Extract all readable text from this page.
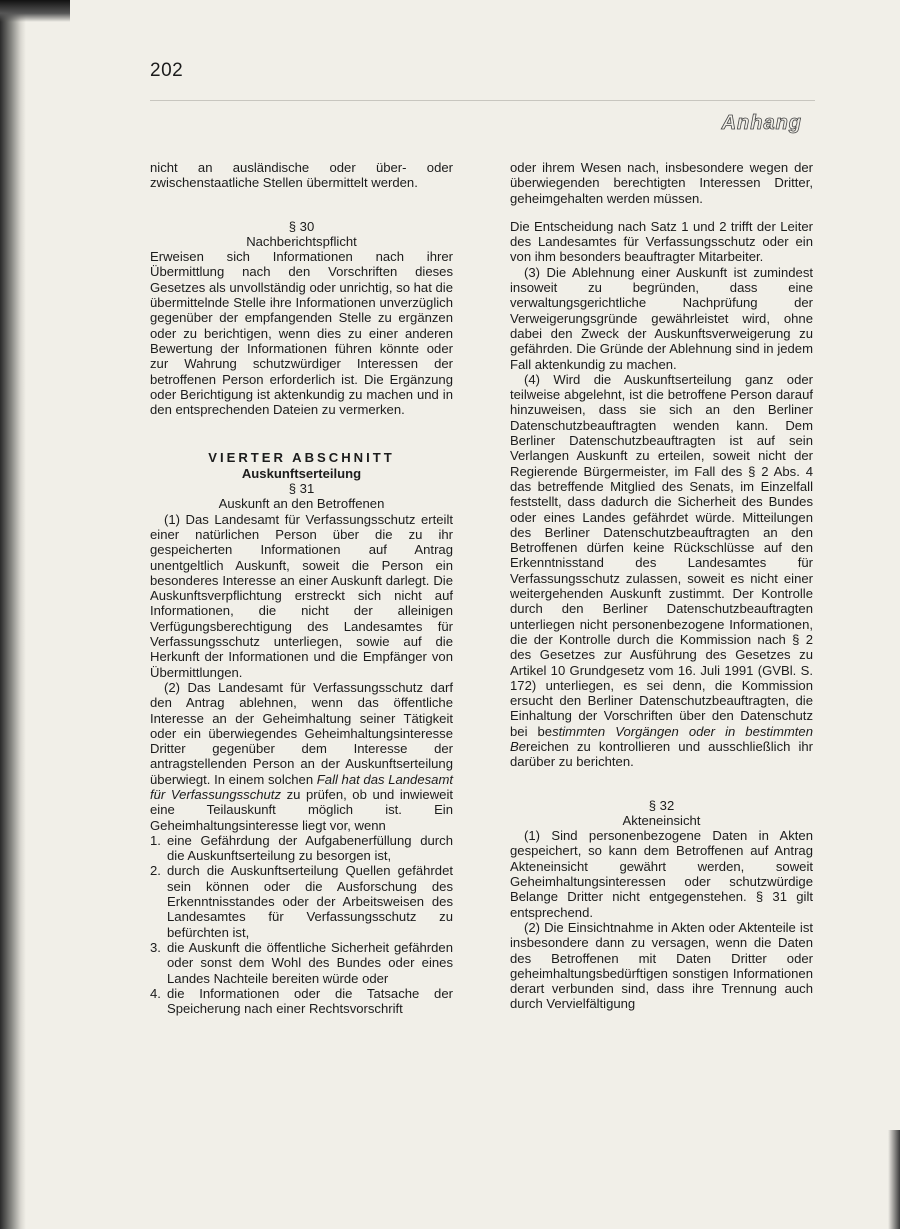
202
Anhang

nicht an ausländische oder über- oder zwischenstaatliche Stellen übermittelt werden.

§ 30

Nachberichtspflicht

Erweisen sich Informationen nach ihrer Übermittlung nach den Vorschriften dieses Gesetzes als unvollständig oder unrichtig, so hat die übermittelnde Stelle ihre Informationen unverzüglich gegenüber der empfangenden Stelle zu ergänzen oder zu berichtigen, wenn dies zu einer anderen Bewertung der Informationen führen könnte oder zur Wahrung schutzwürdiger Interessen der betroffenen Person erforderlich ist. Die Ergänzung oder Berichtigung ist aktenkundig zu machen und in den entsprechenden Dateien zu vermerken.

VIERTER ABSCHNITT

Auskunftserteilung

§ 31

Auskunft an den Betroffenen

(1) Das Landesamt für Verfassungsschutz erteilt einer natürlichen Person über die zu ihr gespeicherten Informationen auf Antrag unentgeltlich Auskunft, soweit die Person ein besonderes Interesse an einer Auskunft darlegt. Die Auskunftsverpflichtung erstreckt sich nicht auf Informationen, die nicht der alleinigen Verfügungsberechtigung des Landesamtes für Verfassungsschutz unterliegen, sowie auf die Herkunft der Informationen und die Empfänger von Übermittlungen.

(2) Das Landesamt für Verfassungsschutz darf den Antrag ablehnen, wenn das öffentliche Interesse an der Geheimhaltung seiner Tätigkeit oder ein überwiegendes Geheimhaltungsinteresse Dritter gegenüber dem Interesse der antragstellenden Person an der Auskunftserteilung überwiegt. In einem solchen Fall hat das Landesamt für Verfassungsschutz zu prüfen, ob und inwieweit eine Teilauskunft möglich ist. Ein Geheimhaltungsinteresse liegt vor, wenn

1. eine Gefährdung der Aufgabenerfüllung durch die Auskunftserteilung zu besorgen ist,
2. durch die Auskunftserteilung Quellen gefährdet sein können oder die Ausforschung des Erkenntnisstandes oder der Arbeitsweisen des Landesamtes für Verfassungsschutz zu befürchten ist,
3. die Auskunft die öffentliche Sicherheit gefährden oder sonst dem Wohl des Bundes oder eines Landes Nachteile bereiten würde oder
4. die Informationen oder die Tatsache der Speicherung nach einer Rechtsvorschrift

oder ihrem Wesen nach, insbesondere wegen der überwiegenden berechtigten Interessen Dritter, geheimgehalten werden müssen.

Die Entscheidung nach Satz 1 und 2 trifft der Leiter des Landesamtes für Verfassungsschutz oder ein von ihm besonders beauftragter Mitarbeiter.

(3) Die Ablehnung einer Auskunft ist zumindest insoweit zu begründen, dass eine verwaltungsgerichtliche Nachprüfung der Verweigerungsgründe gewährleistet wird, ohne dabei den Zweck der Auskunftsverweigerung zu gefährden. Die Gründe der Ablehnung sind in jedem Fall aktenkundig zu machen.

(4) Wird die Auskunftserteilung ganz oder teilweise abgelehnt, ist die betroffene Person darauf hinzuweisen, dass sie sich an den Berliner Datenschutzbeauftragten wenden kann. Dem Berliner Datenschutzbeauftragten ist auf sein Verlangen Auskunft zu erteilen, soweit nicht der Regierende Bürgermeister, im Fall des § 2 Abs. 4 das betreffende Mitglied des Senats, im Einzelfall feststellt, dass dadurch die Sicherheit des Bundes oder eines Landes gefährdet würde. Mitteilungen des Berliner Datenschutzbeauftragten an den Betroffenen dürfen keine Rückschlüsse auf den Erkenntnisstand des Landesamtes für Verfassungsschutz zulassen, soweit es nicht einer weitergehenden Auskunft zustimmt. Der Kontrolle durch den Berliner Datenschutzbeauftragten unterliegen nicht personenbezogene Informationen, die der Kontrolle durch die Kommission nach § 2 des Gesetzes zur Ausführung des Gesetzes zu Artikel 10 Grundgesetz vom 16. Juli 1991 (GVBl. S. 172) unterliegen, es sei denn, die Kommission ersucht den Berliner Datenschutzbeauftragten, die Einhaltung der Vorschriften über den Datenschutz bei bestimmten Vorgängen oder in bestimmten Bereichen zu kontrollieren und ausschließlich ihr darüber zu berichten.

§ 32

Akteneinsicht

(1) Sind personenbezogene Daten in Akten gespeichert, so kann dem Betroffenen auf Antrag Akteneinsicht gewährt werden, soweit Geheimhaltungsinteressen oder schutzwürdige Belange Dritter nicht entgegenstehen. § 31 gilt entsprechend.

(2) Die Einsichtnahme in Akten oder Aktenteile ist insbesondere dann zu versagen, wenn die Daten des Betroffenen mit Daten Dritter oder geheimhaltungsbedürftigen sonstigen Informationen derart verbunden sind, dass ihre Trennung auch durch Vervielfältigung
